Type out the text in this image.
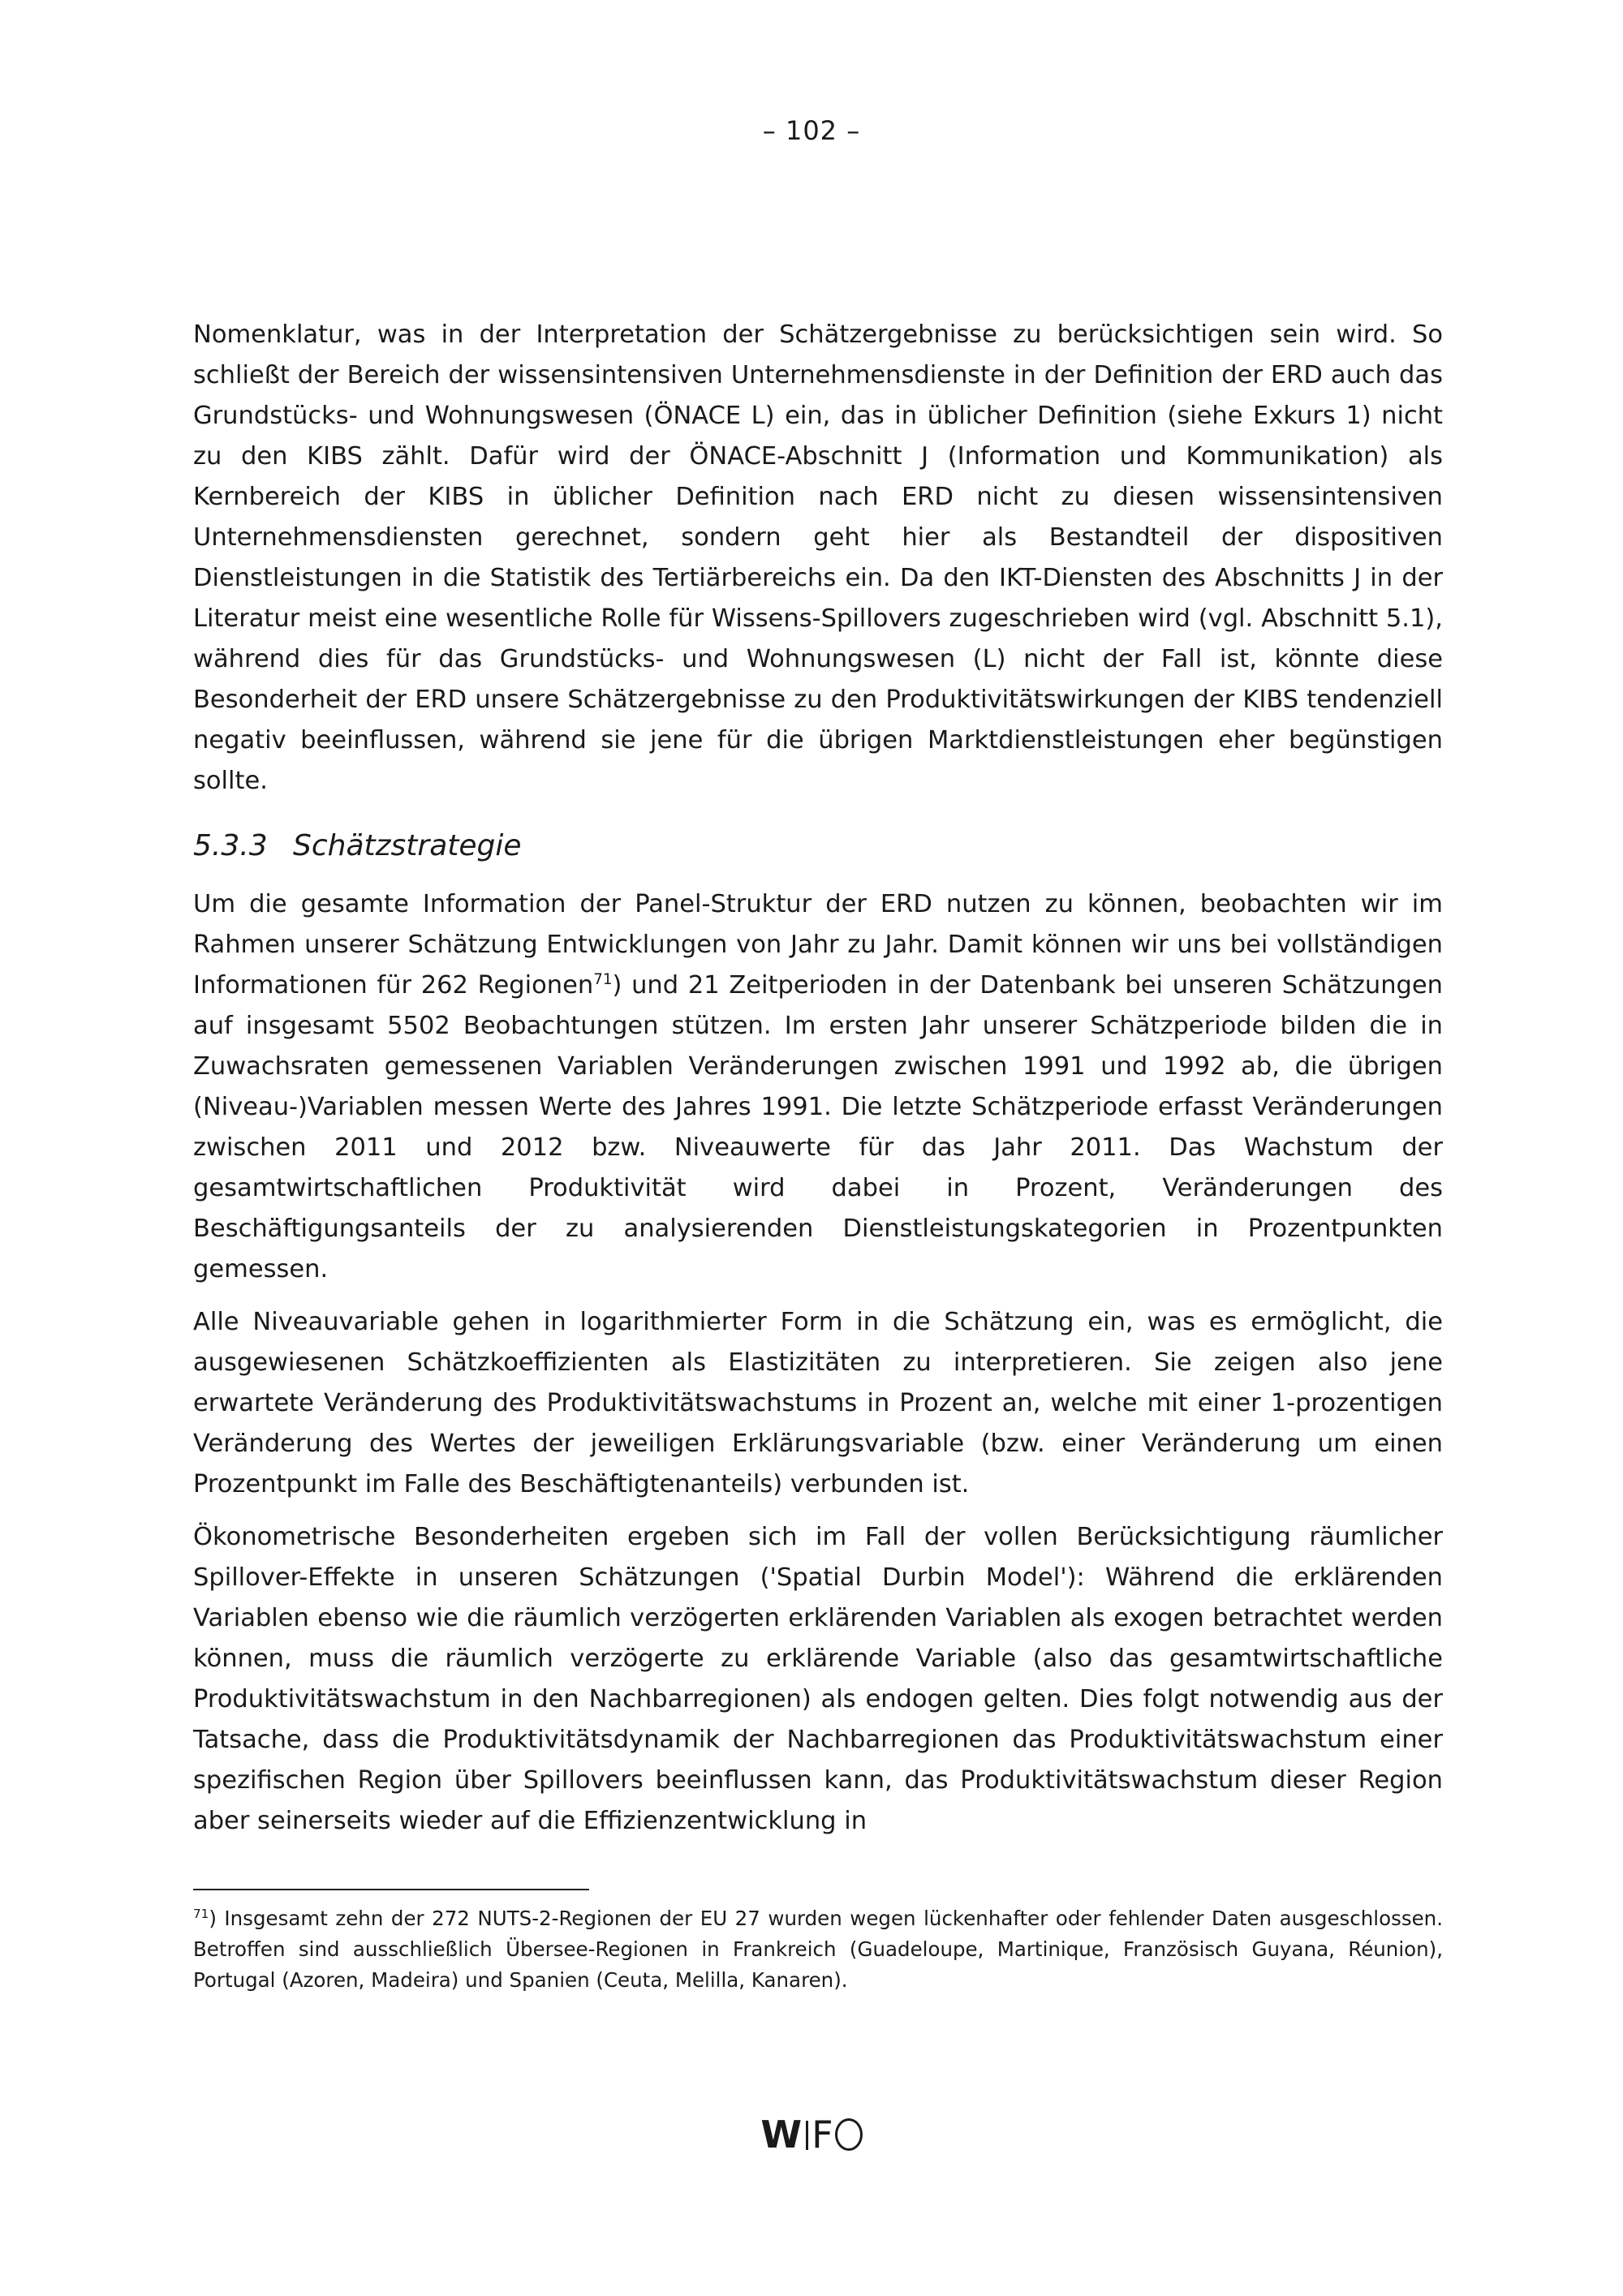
– 102 –

Nomenklatur, was in der Interpretation der Schätzergebnisse zu berücksichtigen sein wird. So schließt der Bereich der wissensintensiven Unternehmensdienste in der Definition der ERD auch das Grundstücks- und Wohnungswesen (ÖNACE L) ein, das in üblicher Definition (siehe Exkurs 1) nicht zu den KIBS zählt. Dafür wird der ÖNACE-Abschnitt J (Information und Kommunikation) als Kernbereich der KIBS in üblicher Definition nach ERD nicht zu diesen wissensintensiven Unternehmensdiensten gerechnet, sondern geht hier als Bestandteil der dispositiven Dienstleistungen in die Statistik des Tertiärbereichs ein. Da den IKT-Diensten des Abschnitts J in der Literatur meist eine wesentliche Rolle für Wissens-Spillovers zugeschrieben wird (vgl. Abschnitt 5.1), während dies für das Grundstücks- und Wohnungswesen (L) nicht der Fall ist, könnte diese Besonderheit der ERD unsere Schätzergebnisse zu den Produktivitätswirkungen der KIBS tendenziell negativ beeinflussen, während sie jene für die übrigen Marktdienstleistungen eher begünstigen sollte.

5.3.3 Schätzstrategie

Um die gesamte Information der Panel-Struktur der ERD nutzen zu können, beobachten wir im Rahmen unserer Schätzung Entwicklungen von Jahr zu Jahr. Damit können wir uns bei vollständigen Informationen für 262 Regionen$^{71}$) und 21 Zeitperioden in der Datenbank bei unseren Schätzungen auf insgesamt 5502 Beobachtungen stützen. Im ersten Jahr unserer Schätzperiode bilden die in Zuwachsraten gemessenen Variablen Veränderungen zwischen 1991 und 1992 ab, die übrigen (Niveau-)Variablen messen Werte des Jahres 1991. Die letzte Schätzperiode erfasst Veränderungen zwischen 2011 und 2012 bzw. Niveauwerte für das Jahr 2011. Das Wachstum der gesamtwirtschaftlichen Produktivität wird dabei in Prozent, Veränderungen des Beschäftigungsanteils der zu analysierenden Dienstleistungskategorien in Prozentpunkten gemessen.

Alle Niveauvariable gehen in logarithmierter Form in die Schätzung ein, was es ermöglicht, die ausgewiesenen Schätzkoeffizienten als Elastizitäten zu interpretieren. Sie zeigen also jene erwartete Veränderung des Produktivitätswachstums in Prozent an, welche mit einer 1-prozentigen Veränderung des Wertes der jeweiligen Erklärungsvariable (bzw. einer Veränderung um einen Prozentpunkt im Falle des Beschäftigtenanteils) verbunden ist.

Ökonometrische Besonderheiten ergeben sich im Fall der vollen Berücksichtigung räumlicher Spillover-Effekte in unseren Schätzungen ('Spatial Durbin Model'): Während die erklärenden Variablen ebenso wie die räumlich verzögerten erklärenden Variablen als exogen betrachtet werden können, muss die räumlich verzögerte zu erklärende Variable (also das gesamtwirtschaftliche Produktivitätswachstum in den Nachbarregionen) als endogen gelten. Dies folgt notwendig aus der Tatsache, dass die Produktivitätsdynamik der Nachbarregionen das Produktivitätswachstum einer spezifischen Region über Spillovers beeinflussen kann, das Produktivitätswachstum dieser Region aber seinerseits wieder auf die Effizienzentwicklung in

$^{71}$) Insgesamt zehn der 272 NUTS-2-Regionen der EU 27 wurden wegen lückenhafter oder fehlender Daten ausgeschlossen. Betroffen sind ausschließlich Übersee-Regionen in Frankreich (Guadeloupe, Martinique, Französisch Guyana, Réunion), Portugal (Azoren, Madeira) und Spanien (Ceuta, Melilla, Kanaren).

W F
